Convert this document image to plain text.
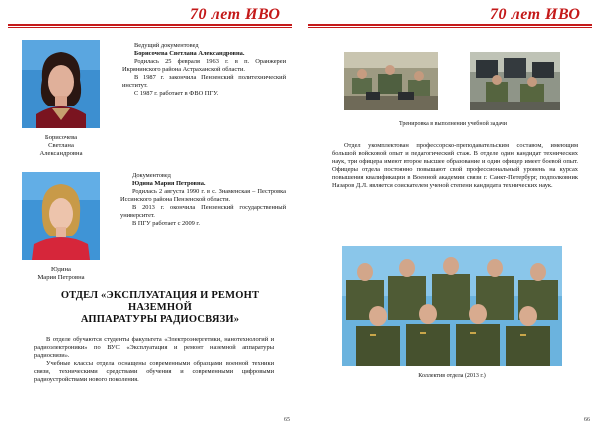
70 лет ИВО
Борисочева
Светлана
Александровна

Ведущий документовед

Борисочева Светлана Александровна.

Родилась 25 февраля 1963 г. в п. Оранжереи Икрянинского района Астраханской области.

В 1987 г. закончила Пензенский политехнический институт.

С 1987 г. работает в ФВО ПГУ.

Юдина
Мария Петровна

Документовед

Юдина Мария Петровна.

Родилась 2 августа 1990 г. в с. Знаменская – Пестровка Иссинского района Пензенской области.

В 2013 г. окончила Пензенский государственный университет.

В ПГУ работает с 2009 г.

ОТДЕЛ «ЭКСПЛУАТАЦИЯ И РЕМОНТ
НАЗЕМНОЙ
АППАРАТУРЫ РАДИОСВЯЗИ»

В отделе обучаются студенты факультета «Электроэнергетики, нанотехнологий и радиоэлектроники» по ВУС «Эксплуатация и ремонт наземной аппаратуры радиосвязи».

Учебные классы отдела оснащены современными образцами военной техники связи, техническими средствами обучения и современными цифровыми радиоустройствами нового поколения.

65
70 лет ИВО
Тренировка в выполнении учебной задачи

Отдел укомплектован профессорско-преподавательским составом, имеющим большой войсковой опыт и педагогический стаж. В отделе один кандидат технических наук, три офицера имеют второе высшее образование и один офицер имеет боевой опыт. Офицеры отдела постоянно повышают свой профессиональный уровень на курсах повышения квалификации в Военной академии связи г. Санкт-Петербург, подполковник Назаров Д.Л. является соискателем ученой степени кандидата технических наук.

Коллектив отдела (2013 г.)
66
